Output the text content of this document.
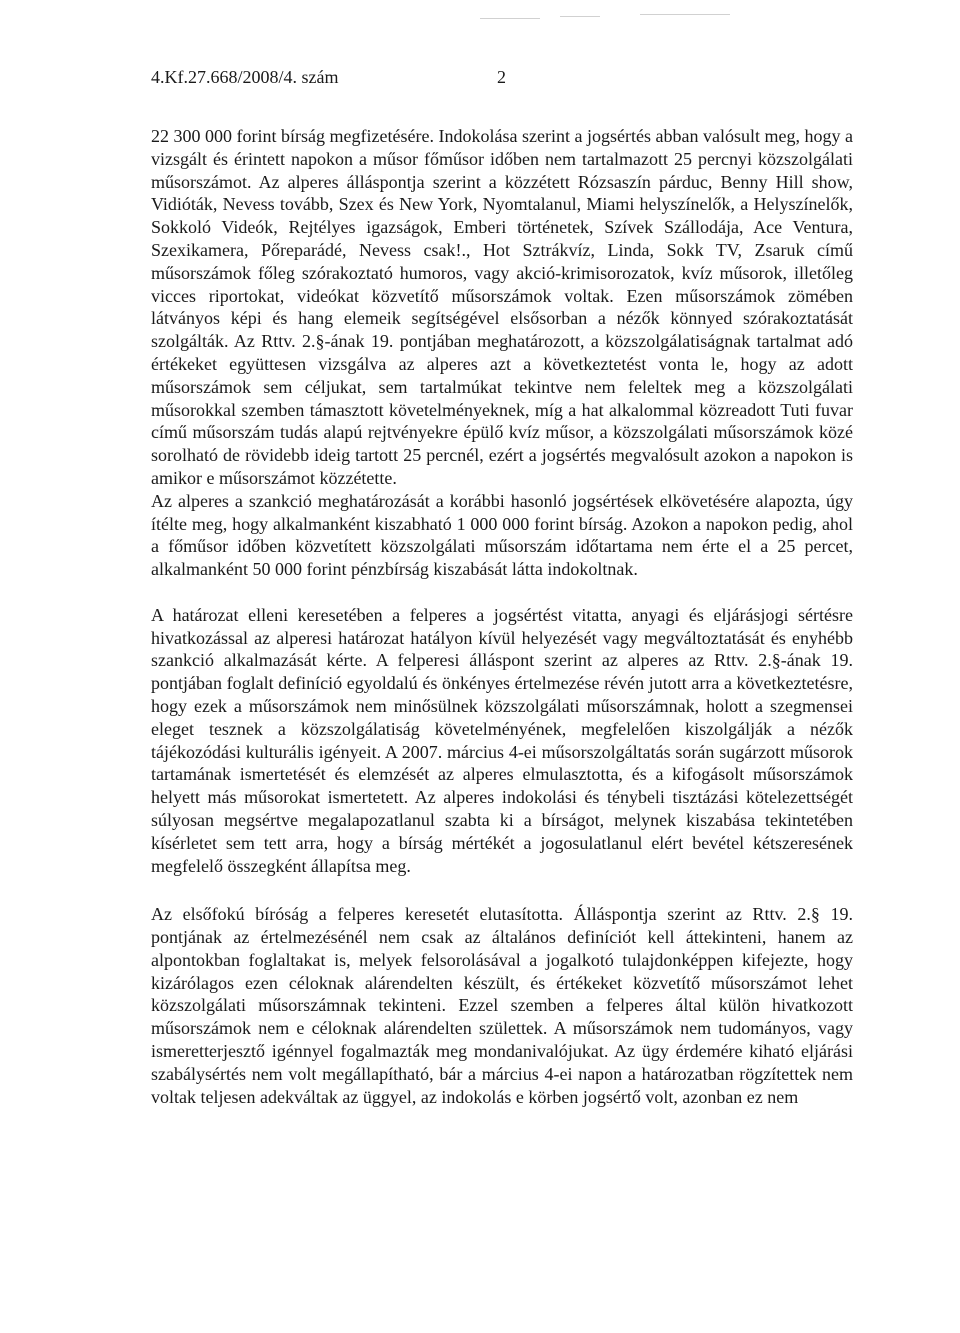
4.Kf.27.668/2008/4. szám	2

22 300 000 forint bírság megfizetésére. Indokolása szerint a jogsértés abban valósult meg, hogy a vizsgált és érintett napokon a műsor főműsor időben nem tartalmazott 25 percnyi közszolgálati műsorszámot. Az alperes álláspontja szerint a közzétett Rózsaszín párduc, Benny Hill show, Vidióták, Nevess tovább, Szex és New York, Nyomtalanul, Miami helyszínelők, a Helyszínelők, Sokkoló Videók, Rejtélyes igazságok, Emberi történetek, Szívek Szállodája, Ace Ventura, Szexikamera, Pőreparádé, Nevess csak!., Hot Sztrákvíz, Linda, Sokk TV, Zsaruk című műsorszámok főleg szórakoztató humoros, vagy akció-krimisorozatok, kvíz műsorok, illetőleg vicces riportokat, videókat közvetítő műsorszámok voltak. Ezen műsorszámok zömében látványos képi és hang elemeik segítségével elsősorban a nézők könnyed szórakoztatását szolgálták. Az Rttv. 2.§-ának 19. pontjában meghatározott, a közszolgálatiságnak tartalmat adó értékeket együttesen vizsgálva az alperes azt a következtetést vonta le, hogy az adott műsorszámok sem céljukat, sem tartalmúkat tekintve nem feleltek meg a közszolgálati műsorokkal szemben támasztott követelményeknek, míg a hat alkalommal közreadott Tuti fuvar című műsorszám tudás alapú rejtvényekre épülő kvíz műsor, a közszolgálati műsorszámok közé sorolható de rövidebb ideig tartott 25 percnél, ezért a jogsértés megvalósult azokon a napokon is amikor e műsorszámot közzétette.

Az alperes a szankció meghatározását a korábbi hasonló jogsértések elkövetésére alapozta, úgy ítélte meg, hogy alkalmanként kiszabható 1 000 000 forint bírság. Azokon a napokon pedig, ahol a főműsor időben közvetített közszolgálati műsorszám időtartama nem érte el a 25 percet, alkalmanként 50 000 forint pénzbírság kiszabását látta indokoltnak.

A határozat elleni keresetében a felperes a jogsértést vitatta, anyagi és eljárásjogi sértésre hivatkozással az alperesi határozat hatályon kívül helyezését vagy megváltoztatását és enyhébb szankció alkalmazását kérte. A felperesi álláspont szerint az alperes az Rttv. 2.§-ának 19. pontjában foglalt definíció egyoldalú és önkényes értelmezése révén jutott arra a következtetésre, hogy ezek a műsorszámok nem minősülnek közszolgálati műsorszámnak, holott a szegmensei eleget tesznek a közszolgálatiság követelményének, megfelelően kiszolgálják a nézők tájékozódási kulturális igényeit. A 2007. március 4-ei műsorszolgáltatás során sugárzott műsorok tartamának ismertetését és elemzését az alperes elmulasztotta, és a kifogásolt műsorszámok helyett más műsorokat ismertetett. Az alperes indokolási és ténybeli tisztázási kötelezettségét súlyosan megsértve megalapozatlanul szabta ki a bírságot, melynek kiszabása tekintetében kísérletet sem tett arra, hogy a bírság mértékét a jogosulatlanul elért bevétel kétszeresének megfelelő összegként állapítsa meg.

Az elsőfokú bíróság a felperes keresetét elutasította. Álláspontja szerint az Rttv. 2.§ 19. pontjának az értelmezésénél nem csak az általános definíciót kell áttekinteni, hanem az alpontokban foglaltakat is, melyek felsorolásával a jogalkotó tulajdonképpen kifejezte, hogy kizárólagos ezen céloknak alárendelten készült, és értékeket közvetítő műsorszámot lehet közszolgálati műsorszámnak tekinteni. Ezzel szemben a felperes által külön hivatkozott műsorszámok nem e céloknak alárendelten születtek. A műsorszámok nem tudományos, vagy ismeretterjesztő igénnyel fogalmazták meg mondanivalójukat. Az ügy érdemére kiható eljárási szabálysértés nem volt megállapítható, bár a március 4-ei napon a határozatban rögzítettek nem voltak teljesen adekváltak az üggyel, az indokolás e körben jogsértő volt, azonban ez nem
